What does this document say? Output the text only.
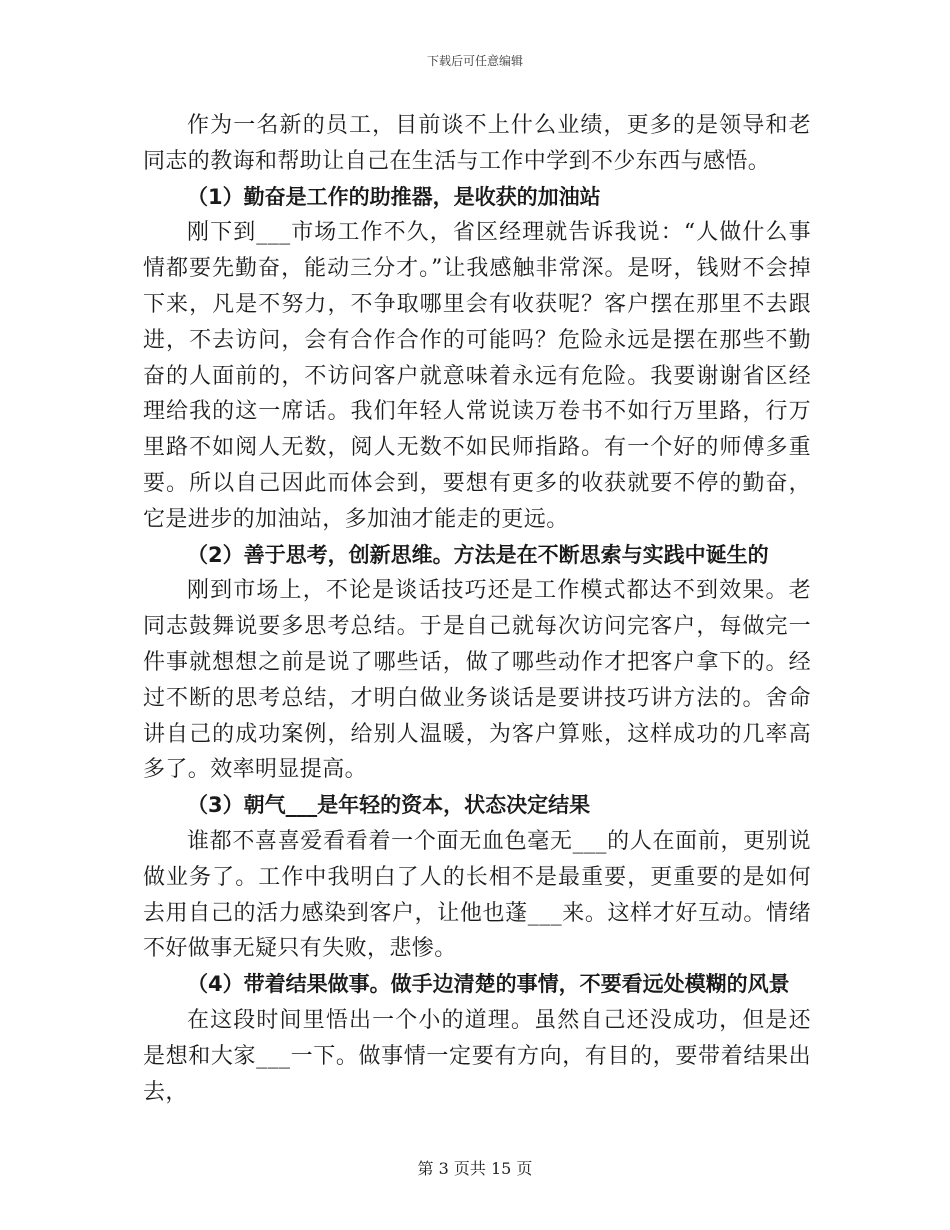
下载后可任意编辑

作为一名新的员工，目前谈不上什么业绩，更多的是领导和老同志的教诲和帮助让自己在生活与工作中学到不少东西与感悟。

（1）勤奋是工作的助推器，是收获的加油站

刚下到___市场工作不久，省区经理就告诉我说：“人做什么事情都要先勤奋，能动三分才。”让我感触非常深。是呀，钱财不会掉下来，凡是不努力，不争取哪里会有收获呢？客户摆在那里不去跟进，不去访问，会有合作合作的可能吗？危险永远是摆在那些不勤奋的人面前的，不访问客户就意味着永远有危险。我要谢谢省区经理给我的这一席话。我们年轻人常说读万卷书不如行万里路，行万里路不如阅人无数，阅人无数不如民师指路。有一个好的师傅多重要。所以自己因此而体会到，要想有更多的收获就要不停的勤奋，它是进步的加油站，多加油才能走的更远。

（2）善于思考，创新思维。方法是在不断思索与实践中诞生的

刚到市场上，不论是谈话技巧还是工作模式都达不到效果。老同志鼓舞说要多思考总结。于是自己就每次访问完客户，每做完一件事就想想之前是说了哪些话，做了哪些动作才把客户拿下的。经过不断的思考总结，才明白做业务谈话是要讲技巧讲方法的。舍命讲自己的成功案例，给别人温暖，为客户算账，这样成功的几率高多了。效率明显提高。

（3）朝气___是年轻的资本，状态决定结果

谁都不喜喜爱看看着一个面无血色毫无___的人在面前，更别说做业务了。工作中我明白了人的长相不是最重要，更重要的是如何去用自己的活力感染到客户，让他也蓬___来。这样才好互动。情绪不好做事无疑只有失败，悲惨。

（4）带着结果做事。做手边清楚的事情，不要看远处模糊的风景

在这段时间里悟出一个小的道理。虽然自己还没成功，但是还是想和大家___一下。做事情一定要有方向，有目的，要带着结果出去，

第 3 页共 15 页
